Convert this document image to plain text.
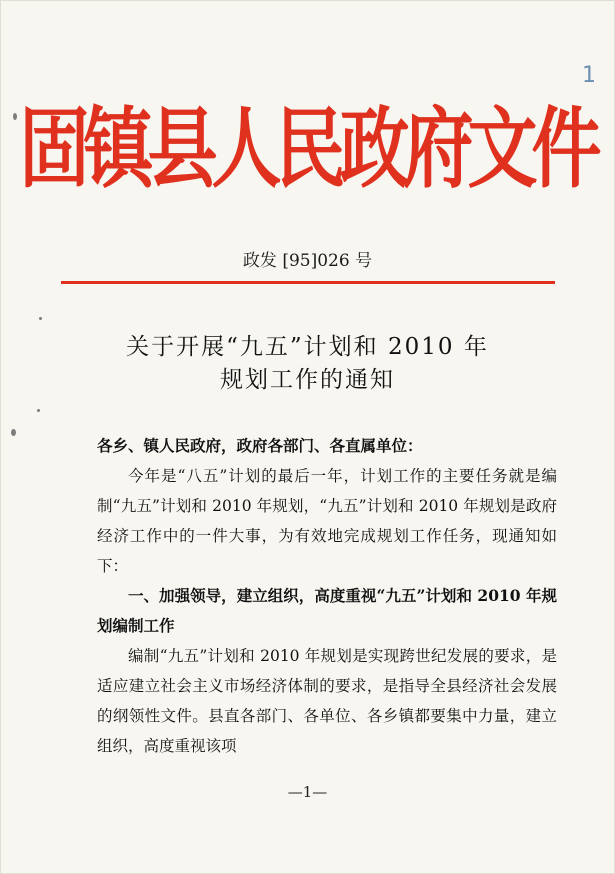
1
固镇县人民政府文件
政发 [95]026 号
关于开展“九五”计划和 2010 年
规划工作的通知

各乡、镇人民政府，政府各部门、各直属单位：

今年是“八五”计划的最后一年，计划工作的主要任务就是编制“九五”计划和 2010 年规划，“九五”计划和 2010 年规划是政府经济工作中的一件大事，为有效地完成规划工作任务，现通知如下：

一、加强领导，建立组织，高度重视“九五”计划和 2010 年规划编制工作

编制“九五”计划和 2010 年规划是实现跨世纪发展的要求，是适应建立社会主义市场经济体制的要求，是指导全县经济社会发展的纲领性文件。县直各部门、各单位、各乡镇都要集中力量，建立组织，高度重视该项

—1—
